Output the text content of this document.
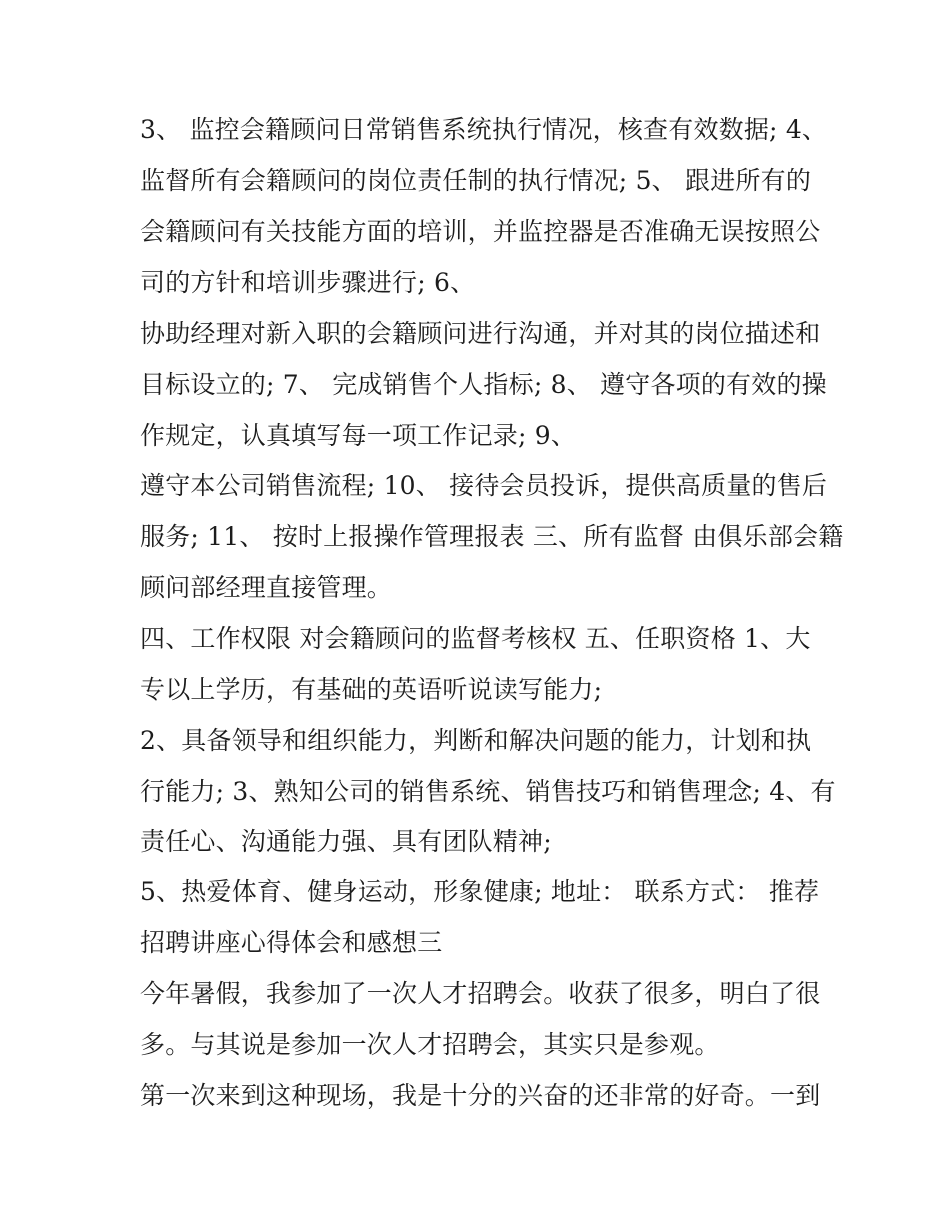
3、 监控会籍顾问日常销售系统执行情况，核查有效数据; 4、
监督所有会籍顾问的岗位责任制的执行情况; 5、 跟进所有的
会籍顾问有关技能方面的培训，并监控器是否准确无误按照公
司的方针和培训步骤进行; 6、
协助经理对新入职的会籍顾问进行沟通，并对其的岗位描述和
目标设立的; 7、 完成销售个人指标; 8、 遵守各项的有效的操
作规定，认真填写每一项工作记录; 9、
遵守本公司销售流程; 10、 接待会员投诉，提供高质量的售后
服务; 11、 按时上报操作管理报表 三、所有监督 由俱乐部会籍
顾问部经理直接管理。
四、工作权限 对会籍顾问的监督考核权 五、任职资格 1、大
专以上学历，有基础的英语听说读写能力;
2、具备领导和组织能力，判断和解决问题的能力，计划和执
行能力; 3、熟知公司的销售系统、销售技巧和销售理念; 4、有
责任心、沟通能力强、具有团队精神;
5、热爱体育、健身运动，形象健康; 地址： 联系方式： 推荐
招聘讲座心得体会和感想三
今年暑假，我参加了一次人才招聘会。收获了很多，明白了很
多。与其说是参加一次人才招聘会，其实只是参观。
第一次来到这种现场，我是十分的兴奋的还非常的好奇。一到
